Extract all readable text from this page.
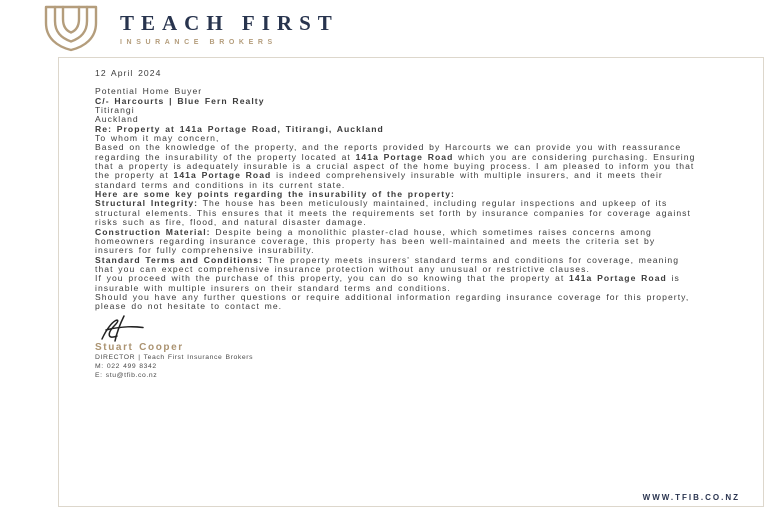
TEACH FIRST
INSURANCE BROKERS

12 April 2024

Potential Home Buyer
C/- Harcourts | Blue Fern Realty
Titirangi
Auckland

Re: Property at 141a Portage Road, Titirangi, Auckland

To whom it may concern,

Based on the knowledge of the property, and the reports provided by Harcourts we can provide you with reassurance regarding the insurability of the property located at 141a Portage Road which you are considering purchasing. Ensuring that a property is adequately insurable is a crucial aspect of the home buying process. I am pleased to inform you that the property at 141a Portage Road is indeed comprehensively insurable with multiple insurers, and it meets their standard terms and conditions in its current state.

Here are some key points regarding the insurability of the property:

Structural Integrity: The house has been meticulously maintained, including regular inspections and upkeep of its structural elements. This ensures that it meets the requirements set forth by insurance companies for coverage against risks such as fire, flood, and natural disaster damage.

Construction Material: Despite being a monolithic plaster-clad house, which sometimes raises concerns among homeowners regarding insurance coverage, this property has been well-maintained and meets the criteria set by insurers for fully comprehensive insurability.

Standard Terms and Conditions: The property meets insurers' standard terms and conditions for coverage, meaning that you can expect comprehensive insurance protection without any unusual or restrictive clauses.

If you proceed with the purchase of this property, you can do so knowing that the property at 141a Portage Road is insurable with multiple insurers on their standard terms and conditions.

Should you have any further questions or require additional information regarding insurance coverage for this property, please do not hesitate to contact me.

Stuart Cooper
DIRECTOR | Teach First Insurance Brokers
M: 022 499 8342
E: stu@tfib.co.nz
WWW.TFIB.CO.NZ
